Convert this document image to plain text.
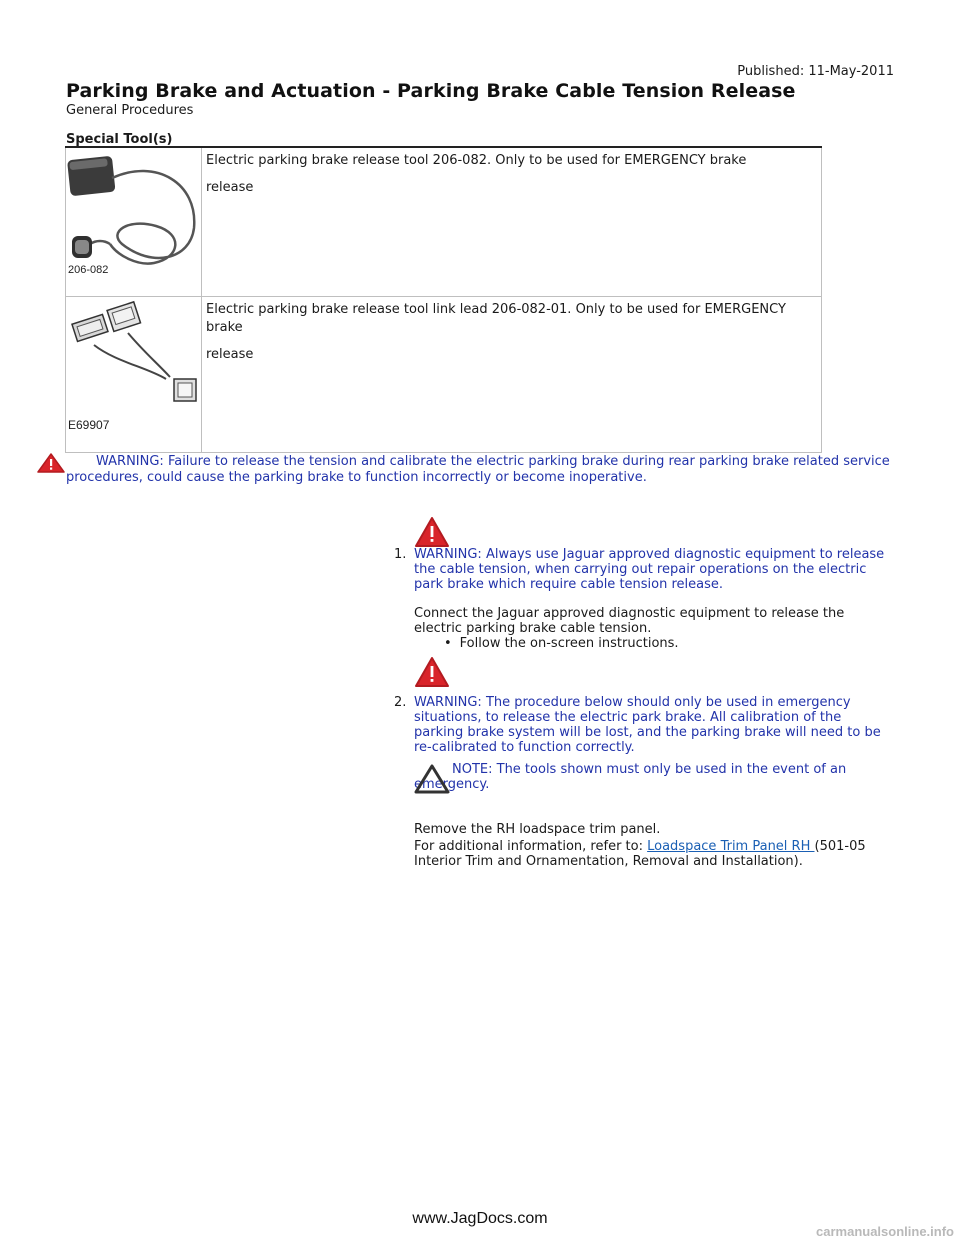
Published: 11-May-2011
Parking Brake and Actuation - Parking Brake Cable Tension Release
General Procedures
Special Tool(s)
206-082	Electric parking brake release tool 206-082. Only to be used for EMERGENCY brake

release

E69907	Electric parking brake release tool link lead 206-082-01. Only to be used for EMERGENCY brake

release

WARNING: Failure to release the tension and calibrate the electric parking brake during rear parking brake related service procedures, could cause the parking brake to function incorrectly or become inoperative.
1. WARNING: Always use Jaguar approved diagnostic equipment to release the cable tension, when carrying out repair operations on the electric park brake which require cable tension release.
Connect the Jaguar approved diagnostic equipment to release the electric parking brake cable tension.
• Follow the on-screen instructions.
2. WARNING: The procedure below should only be used in emergency situations, to release the electric park brake. All calibration of the parking brake system will be lost, and the parking brake will need to be re-calibrated to function correctly.
NOTE: The tools shown must only be used in the event of an emergency.
Remove the RH loadspace trim panel.
For additional information, refer to: Loadspace Trim Panel RH (501-05 Interior Trim and Ornamentation, Removal and Installation).
www.JagDocs.com
carmanualsonline.info
